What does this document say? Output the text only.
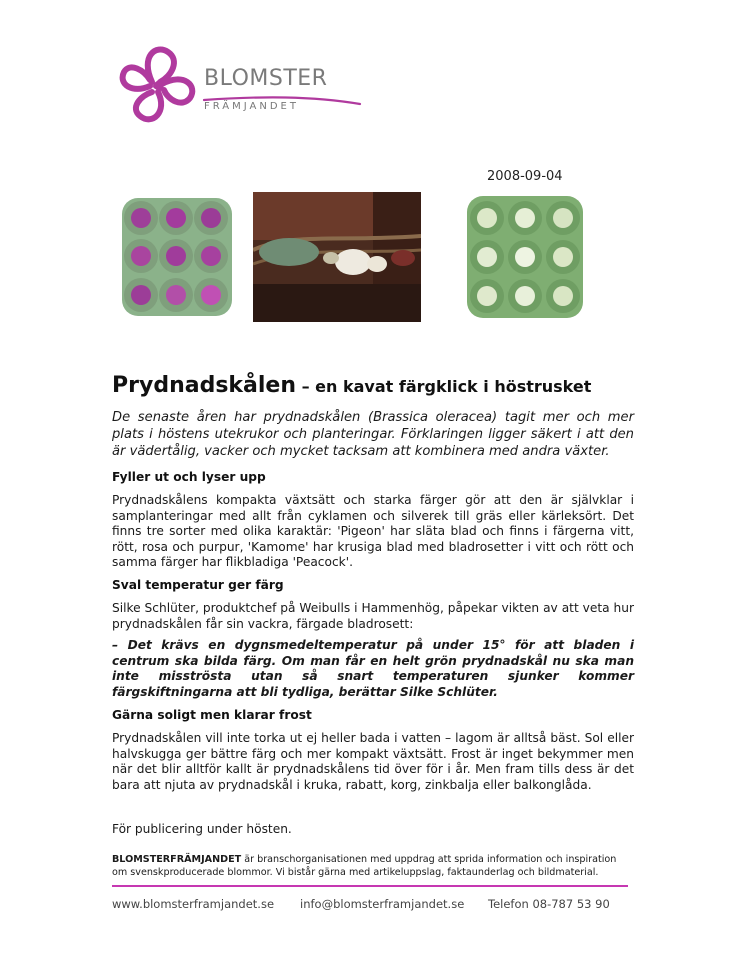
BLOMSTER
FRÄMJANDET
2008-09-04
Prydnadskålen – en kavat färgklick i höstrusket
De senaste åren har prydnadskålen (Brassica oleracea) tagit mer och mer plats i höstens utekrukor och planteringar. Förklaringen ligger säkert i att den är vädertålig, vacker och mycket tacksam att kombinera med andra växter.
Fyller ut och lyser upp
Prydnadskålens kompakta växtsätt och starka färger gör att den är självklar i samplanteringar med allt från cyklamen och silverek till gräs eller kärleksört. Det finns tre sorter med olika karaktär: 'Pigeon' har släta blad och finns i färgerna vitt, rött, rosa och purpur, 'Kamome' har krusiga blad med bladrosetter i vitt och rött och samma färger har flikbladiga 'Peacock'.
Sval temperatur ger färg
Silke Schlüter, produktchef på Weibulls i Hammenhög, påpekar vikten av att veta hur prydnadskålen får sin vackra, färgade bladrosett:
– Det krävs en dygnsmedeltemperatur på under 15° för att bladen i centrum ska bilda färg. Om man får en helt grön prydnadskål nu ska man inte misströsta utan så snart temperaturen sjunker kommer färgskiftningarna att bli tydliga, berättar Silke Schlüter.
Gärna soligt men klarar frost
Prydnadskålen vill inte torka ut ej heller bada i vatten – lagom är alltså bäst. Sol eller halvskugga ger bättre färg och mer kompakt växtsätt. Frost är inget bekymmer men när det blir alltför kallt är prydnadskålens tid över för i år. Men fram tills dess är det bara att njuta av prydnadskål i kruka, rabatt, korg, zinkbalja eller balkonglåda.
För publicering under hösten.
BLOMSTERFRÄMJANDET är branschorganisationen med uppdrag att sprida information och inspiration om svenskproducerade blommor. Vi bistår gärna med artikeluppslag, faktaunderlag och bildmaterial.
www.blomsterframjandet.se info@blomsterframjandet.se Telefon 08-787 53 90
